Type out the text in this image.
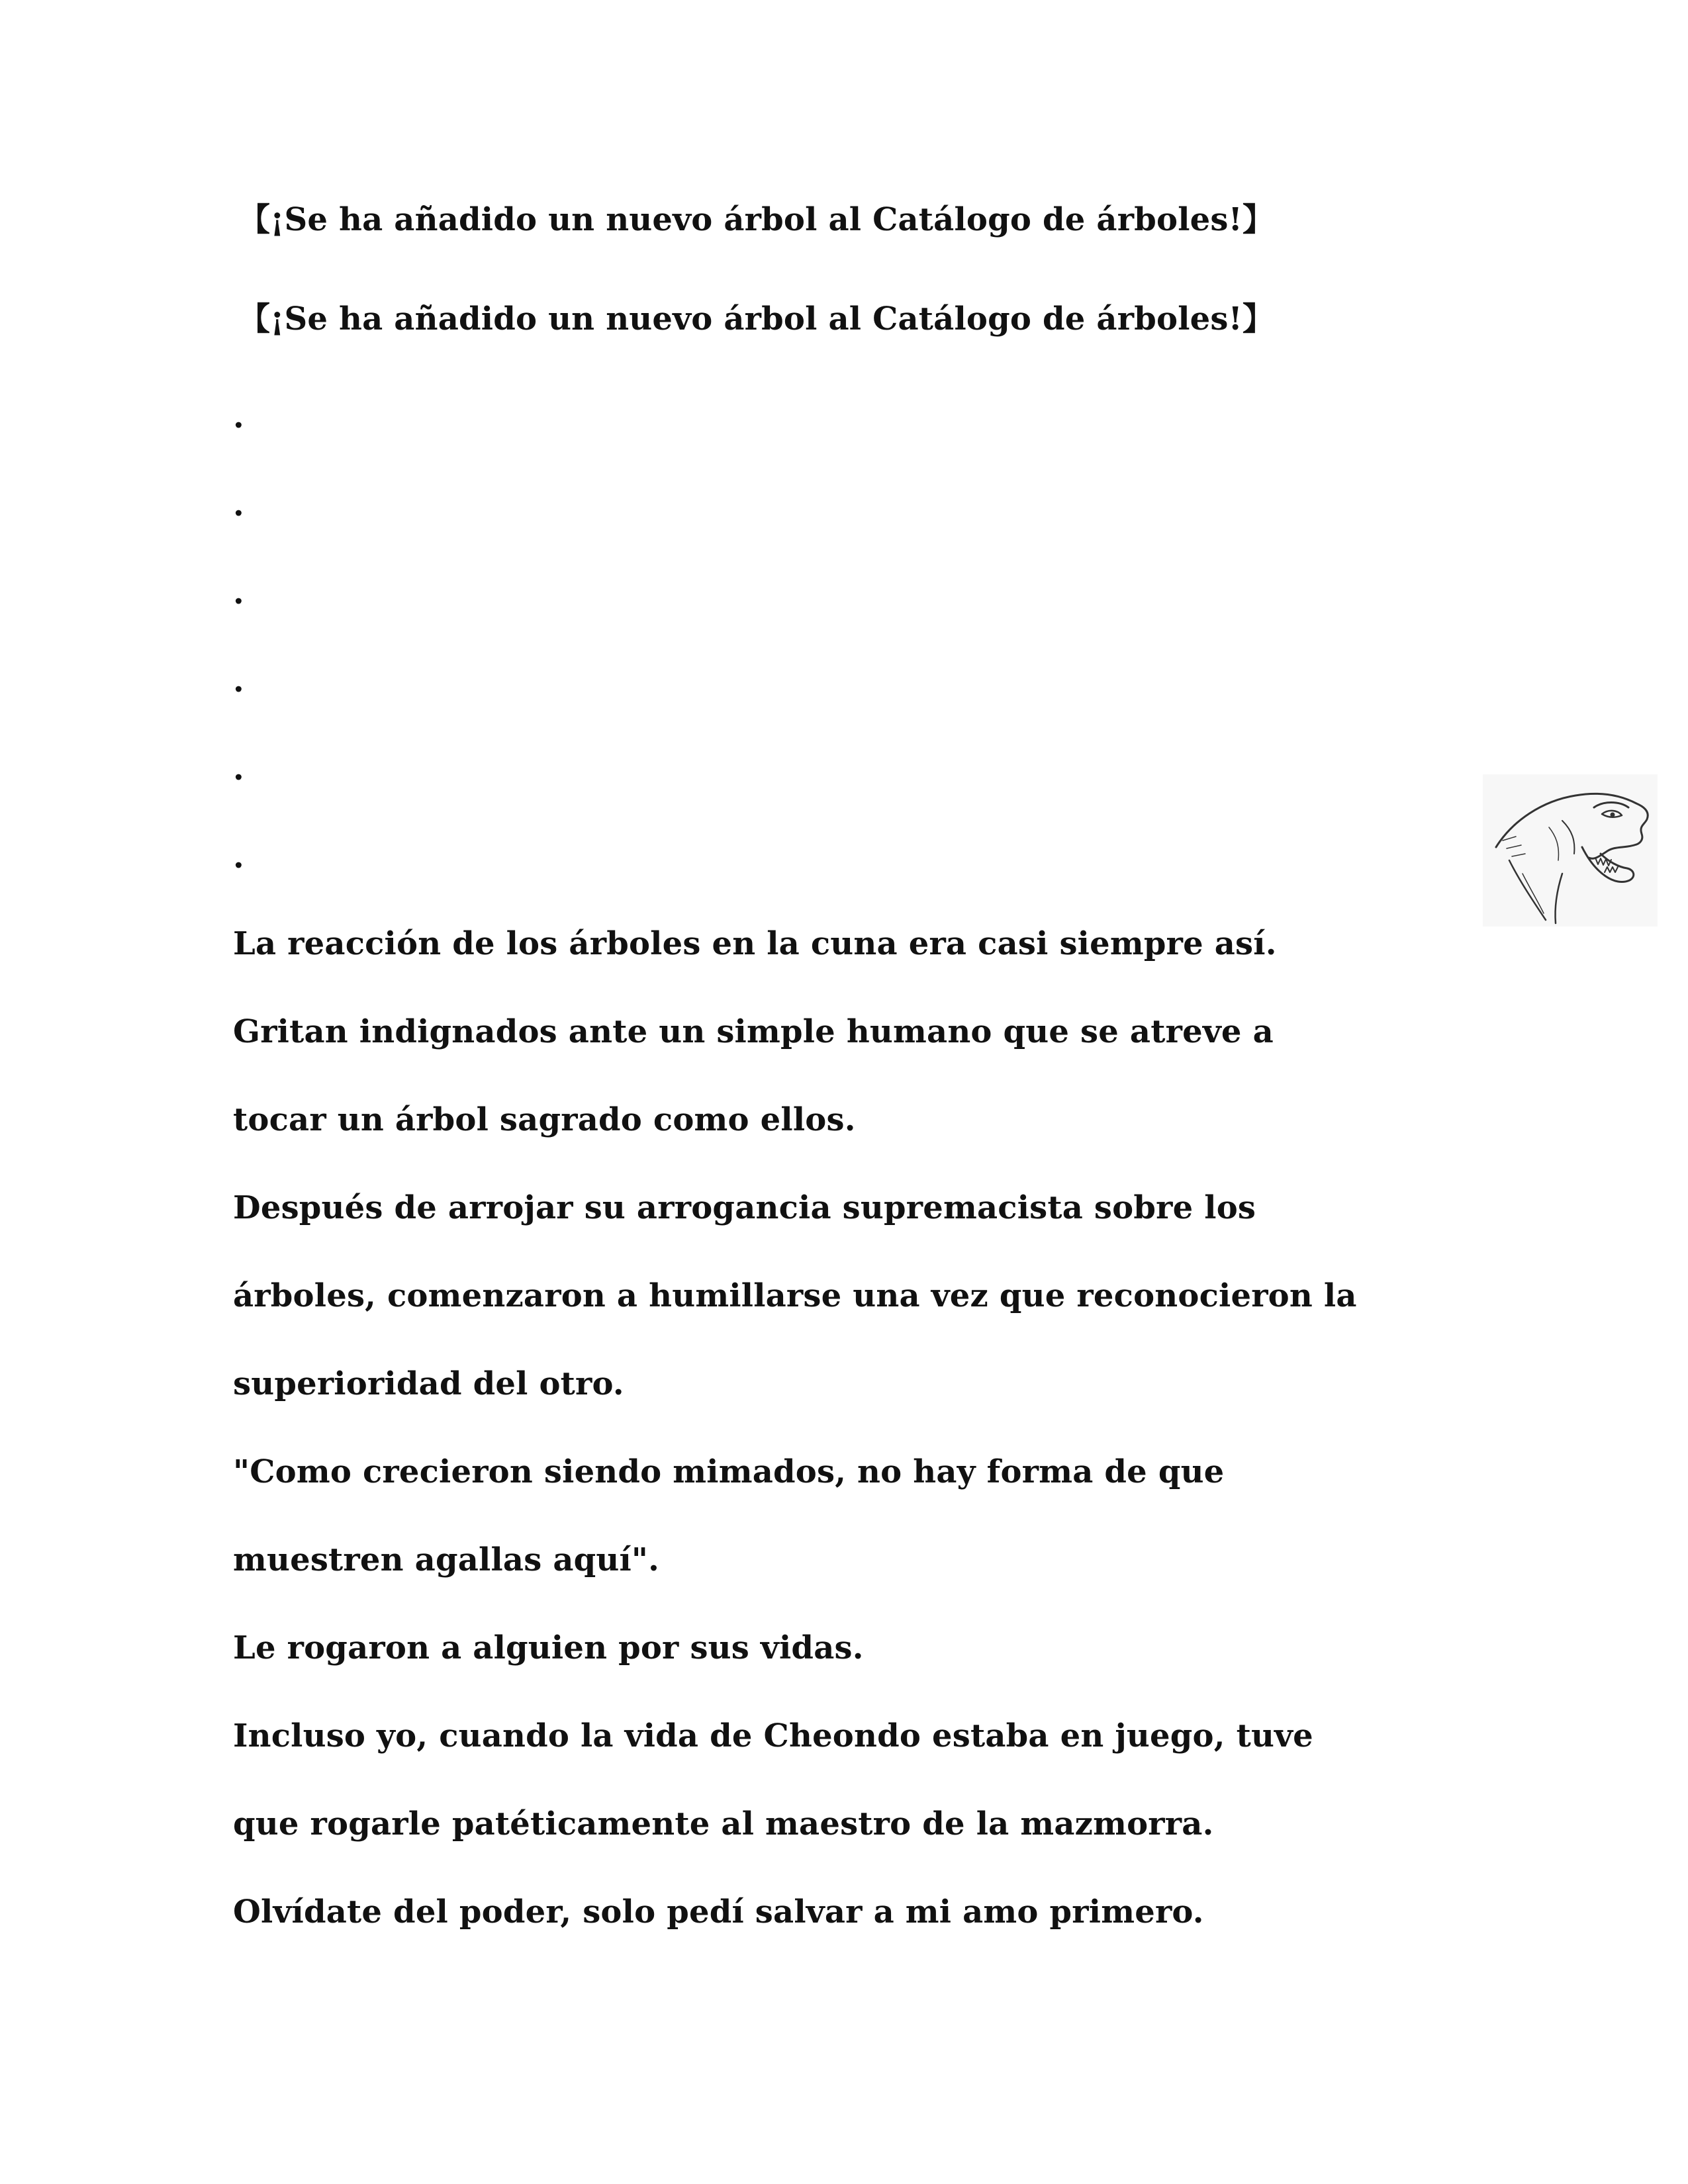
【¡Se ha añadido un nuevo árbol al Catálogo de árboles!】
【¡Se ha añadido un nuevo árbol al Catálogo de árboles!】
.
.
.
.
.
.
La reacción de los árboles en la cuna era casi siempre así.
Gritan indignados ante un simple humano que se atreve a
tocar un árbol sagrado como ellos.
Después de arrojar su arrogancia supremacista sobre los
árboles, comenzaron a humillarse una vez que reconocieron la
superioridad del otro.
"Como crecieron siendo mimados, no hay forma de que
muestren agallas aquí".
Le rogaron a alguien por sus vidas.
Incluso yo, cuando la vida de Cheondo estaba en juego, tuve
que rogarle patéticamente al maestro de la mazmorra.
Olvídate del poder, solo pedí salvar a mi amo primero.
